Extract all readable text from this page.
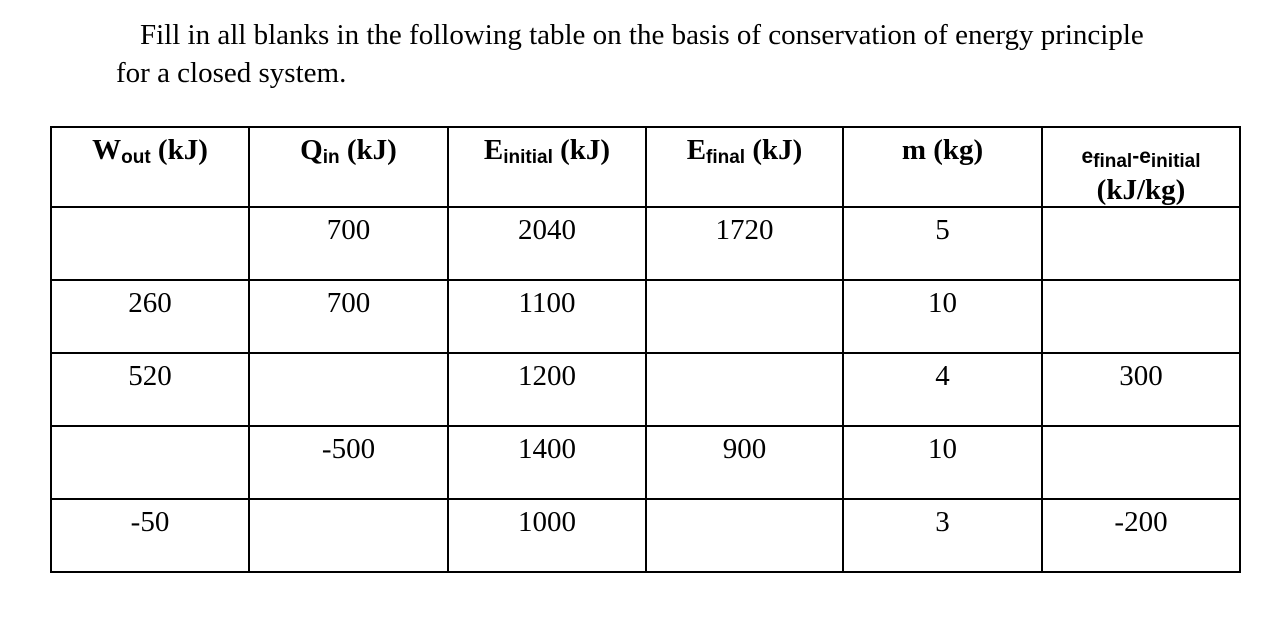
Fill in all blanks in the following table on the basis of conservation of energy principle
for a closed system.

Wout (kJ)	Qin (kJ)	Einitial (kJ)	Efinal (kJ)	m (kg)	efinal-einitial
(kJ/kg)

	700	2040	1720	5	
260	700	1100		10	
520		1200		4	300
	-500	1400	900	10	
-50		1000		3	-200
